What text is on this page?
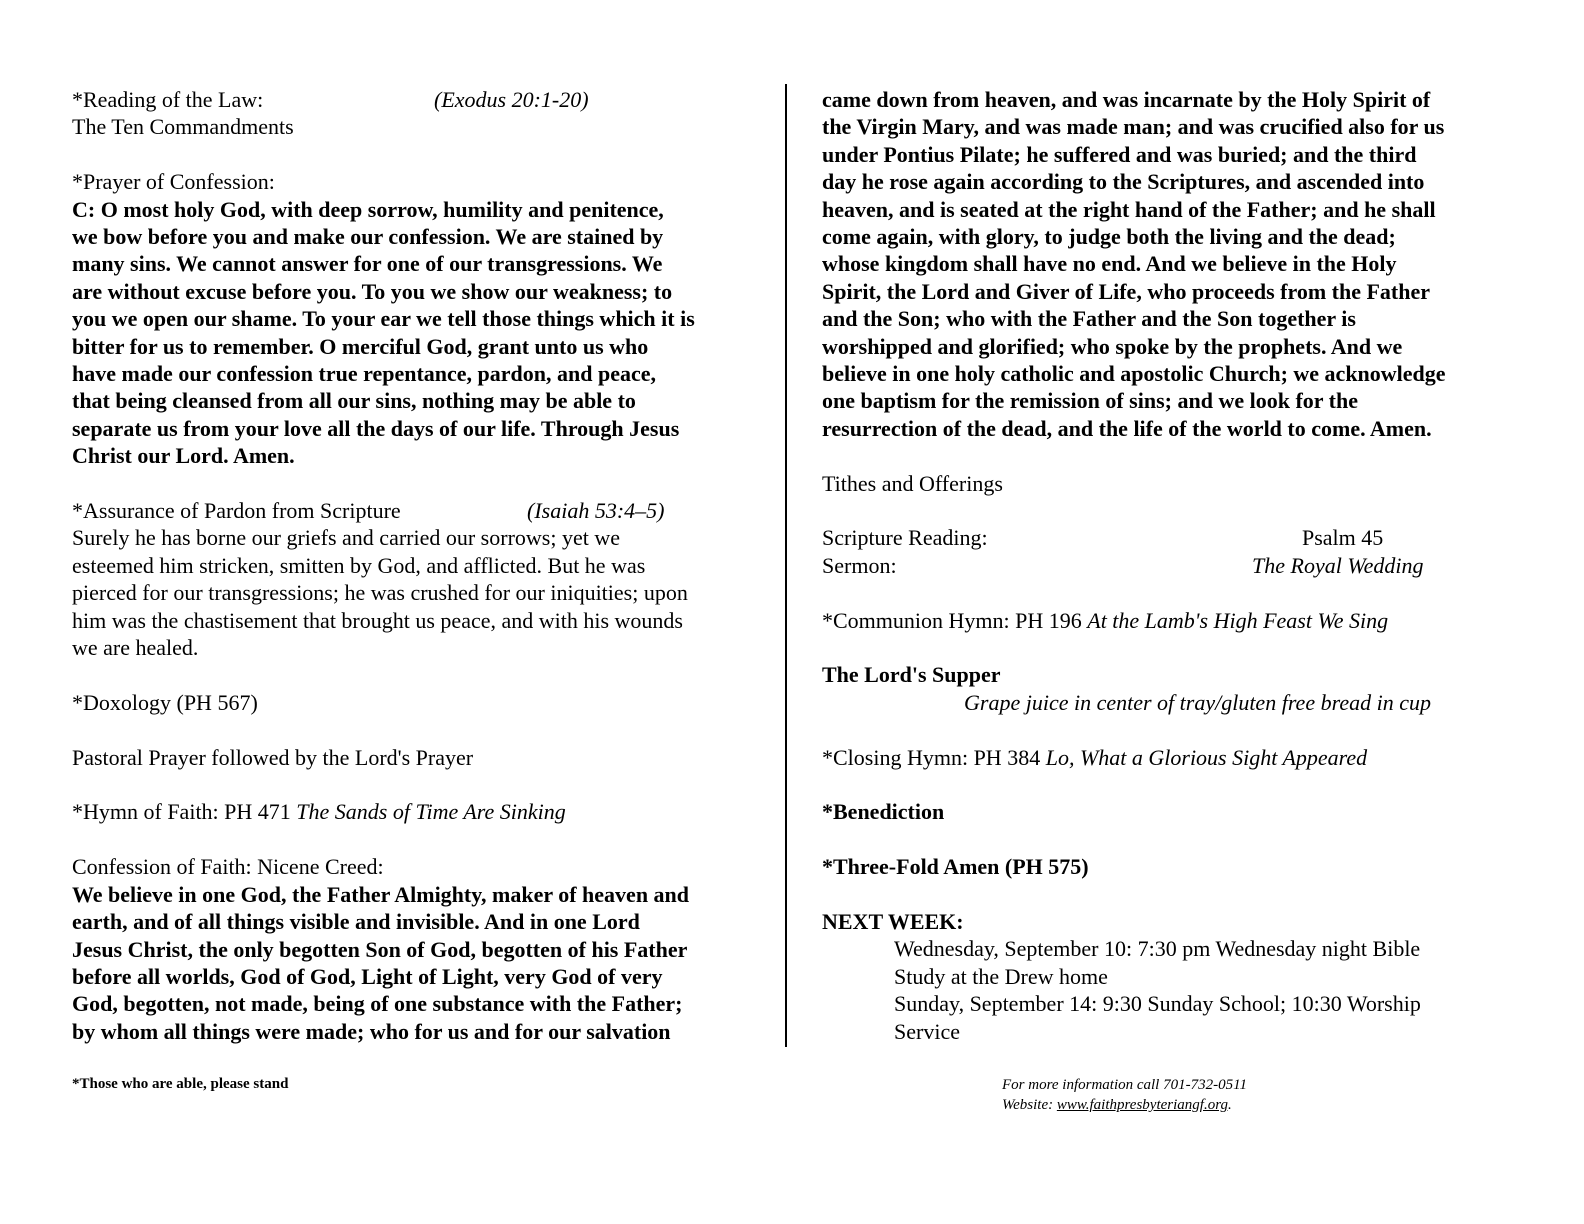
*Reading of the Law:	(Exodus 20:1-20)
The Ten Commandments
*Prayer of Confession:
C: O most holy God, with deep sorrow, humility and penitence,
we bow before you and make our confession. We are stained by
many sins. We cannot answer for one of our transgressions. We
are without excuse before you. To you we show our weakness; to
you we open our shame. To your ear we tell those things which it is
bitter for us to remember. O merciful God, grant unto us who
have made our confession true repentance, pardon, and peace,
that being cleansed from all our sins, nothing may be able to
separate us from your love all the days of our life. Through Jesus
Christ our Lord. Amen.
*Assurance of Pardon from Scripture	(Isaiah 53:4–5)
Surely he has borne our griefs and carried our sorrows; yet we
esteemed him stricken, smitten by God, and afflicted. But he was
pierced for our transgressions; he was crushed for our iniquities; upon
him was the chastisement that brought us peace, and with his wounds
we are healed.
*Doxology (PH 567)
Pastoral Prayer followed by the Lord's Prayer
*Hymn of Faith: PH 471 The Sands of Time Are Sinking
Confession of Faith: Nicene Creed:
We believe in one God, the Father Almighty, maker of heaven and
earth, and of all things visible and invisible. And in one Lord
Jesus Christ, the only begotten Son of God, begotten of his Father
before all worlds, God of God, Light of Light, very God of very
God, begotten, not made, being of one substance with the Father;
by whom all things were made; who for us and for our salvation
came down from heaven, and was incarnate by the Holy Spirit of
the Virgin Mary, and was made man; and was crucified also for us
under Pontius Pilate; he suffered and was buried; and the third
day he rose again according to the Scriptures, and ascended into
heaven, and is seated at the right hand of the Father; and he shall
come again, with glory, to judge both the living and the dead;
whose kingdom shall have no end. And we believe in the Holy
Spirit, the Lord and Giver of Life, who proceeds from the Father
and the Son; who with the Father and the Son together is
worshipped and glorified; who spoke by the prophets. And we
believe in one holy catholic and apostolic Church; we acknowledge
one baptism for the remission of sins; and we look for the
resurrection of the dead, and the life of the world to come. Amen.
Tithes and Offerings
Scripture Reading:	Psalm 45
Sermon:	The Royal Wedding
*Communion Hymn: PH 196 At the Lamb's High Feast We Sing
The Lord's Supper
Grape juice in center of tray/gluten free bread in cup
*Closing Hymn: PH 384 Lo, What a Glorious Sight Appeared
*Benediction
*Three-Fold Amen (PH 575)
NEXT WEEK:
Wednesday, September 10: 7:30 pm Wednesday night Bible
Study at the Drew home
Sunday, September 14: 9:30 Sunday School; 10:30 Worship
Service
*Those who are able, please stand	For more information call 701-732-0511
Website: www.faithpresbyteriangf.org.
